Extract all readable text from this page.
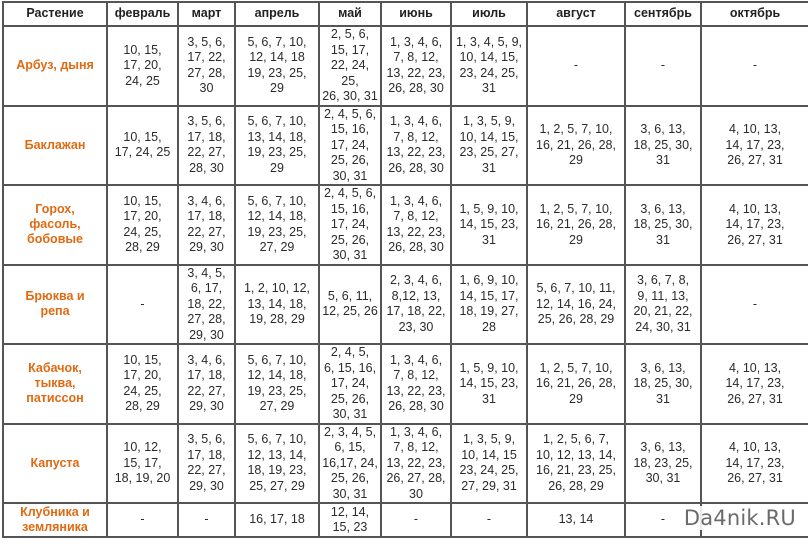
Растение	февраль	март	апрель	май	июнь	июль	август	сентябрь	октябрь
Арбуз, дыня	10, 15,
17, 20,
24, 25	3, 5, 6,
17, 22,
27, 28,
30	5, 6, 7, 10,
12, 14, 18
19, 23, 25,
29	2, 5, 6,
15, 17,
22, 24, 25,
26, 30, 31	1, 3, 4, 6,
7, 8, 12,
13, 22, 23,
26, 28, 30	1, 3, 4, 5, 9,
10, 14, 15,
23, 24, 25,
31	-	-	-
Баклажан	10, 15,
17, 24, 25	3, 5, 6,
17, 18,
22, 27,
28, 30	5, 6, 7, 10,
13, 14, 18,
19, 23, 25,
29	2, 4, 5, 6,
15, 16,
17, 24,
25, 26,
30, 31	1, 3, 4, 6,
7, 8, 12,
13, 22, 23,
26, 28, 30	1, 3, 5, 9,
10, 14, 15,
23, 25, 27,
31	1, 2, 5, 7, 10,
16, 21, 26, 28,
29	3, 6, 13,
18, 25, 30,
31	4, 10, 13,
14, 17, 23,
26, 27, 31
Горох,
фасоль,
бобовые	10, 15,
17, 20,
24, 25,
28, 29	3, 4, 6,
17, 18,
22, 27,
29, 30	5, 6, 7, 10,
12, 14, 18,
19, 23, 25,
27, 29	2, 4, 5, 6,
15, 16,
17, 24,
25, 26,
30, 31	1, 3, 4, 6,
7, 8, 12,
13, 22, 23,
26, 28, 30	1, 5, 9, 10,
14, 15, 23,
31	1, 2, 5, 7, 10,
16, 21, 26, 28,
29	3, 6, 13,
18, 25, 30,
31	4, 10, 13,
14, 17, 23,
26, 27, 31
Брюква и
репа	-	3, 4, 5,
6, 17,
18, 22,
27, 28,
29, 30	1, 2, 10, 12,
13, 14, 18,
19, 28, 29	5, 6, 11,
12, 25, 26	2, 3, 4, 6,
8,12, 13,
17, 18, 22,
23, 30	1, 6, 9, 10,
14, 15, 17,
18, 19, 27,
28	5, 6, 7, 10, 11,
12, 14, 16, 24,
25, 26, 28, 29	3, 6, 7, 8,
9, 11, 13,
20, 21, 22,
24, 30, 31	-
Кабачок,
тыква,
патиссон	10, 15,
17, 20,
24, 25,
28, 29	3, 4, 6,
17, 18,
22, 27,
29, 30	5, 6, 7, 10,
12, 14, 18,
19, 23, 25,
27, 29	2, 4, 5,
6, 15, 16,
17, 24,
25, 26,
30, 31	1, 3, 4, 6,
7, 8, 12,
13, 22, 23,
26, 28, 30	1, 5, 9, 10,
14, 15, 23,
31	1, 2, 5, 7, 10,
16, 21, 26, 28,
29	3, 6, 13,
18, 25, 30,
31	4, 10, 13,
14, 17, 23,
26, 27, 31
Капуста	10, 12,
15, 17,
18, 19, 20	3, 5, 6,
17, 18,
22, 27,
29, 30	5, 6, 7, 10,
12, 13, 14,
18, 19, 23,
25, 27, 29	2, 3, 4, 5,
6, 15,
16,17, 24,
25, 26,
30, 31	1, 3, 4, 6,
7, 8, 12,
13, 22, 23,
26, 27, 28,
30	1, 3, 5, 9,
10, 14, 15
23, 24, 25,
27, 29, 31	1, 2, 5, 6, 7,
10, 12, 13, 14,
16, 21, 23, 25,
26, 28, 29	3, 6, 13,
18, 23, 25,
30, 31	4, 10, 13,
14, 17, 23,
26, 27, 31
Клубника и
земляника	-	-	16, 17, 18	12, 14,
15, 23	-	-	13, 14	-	Da4nik.RU
